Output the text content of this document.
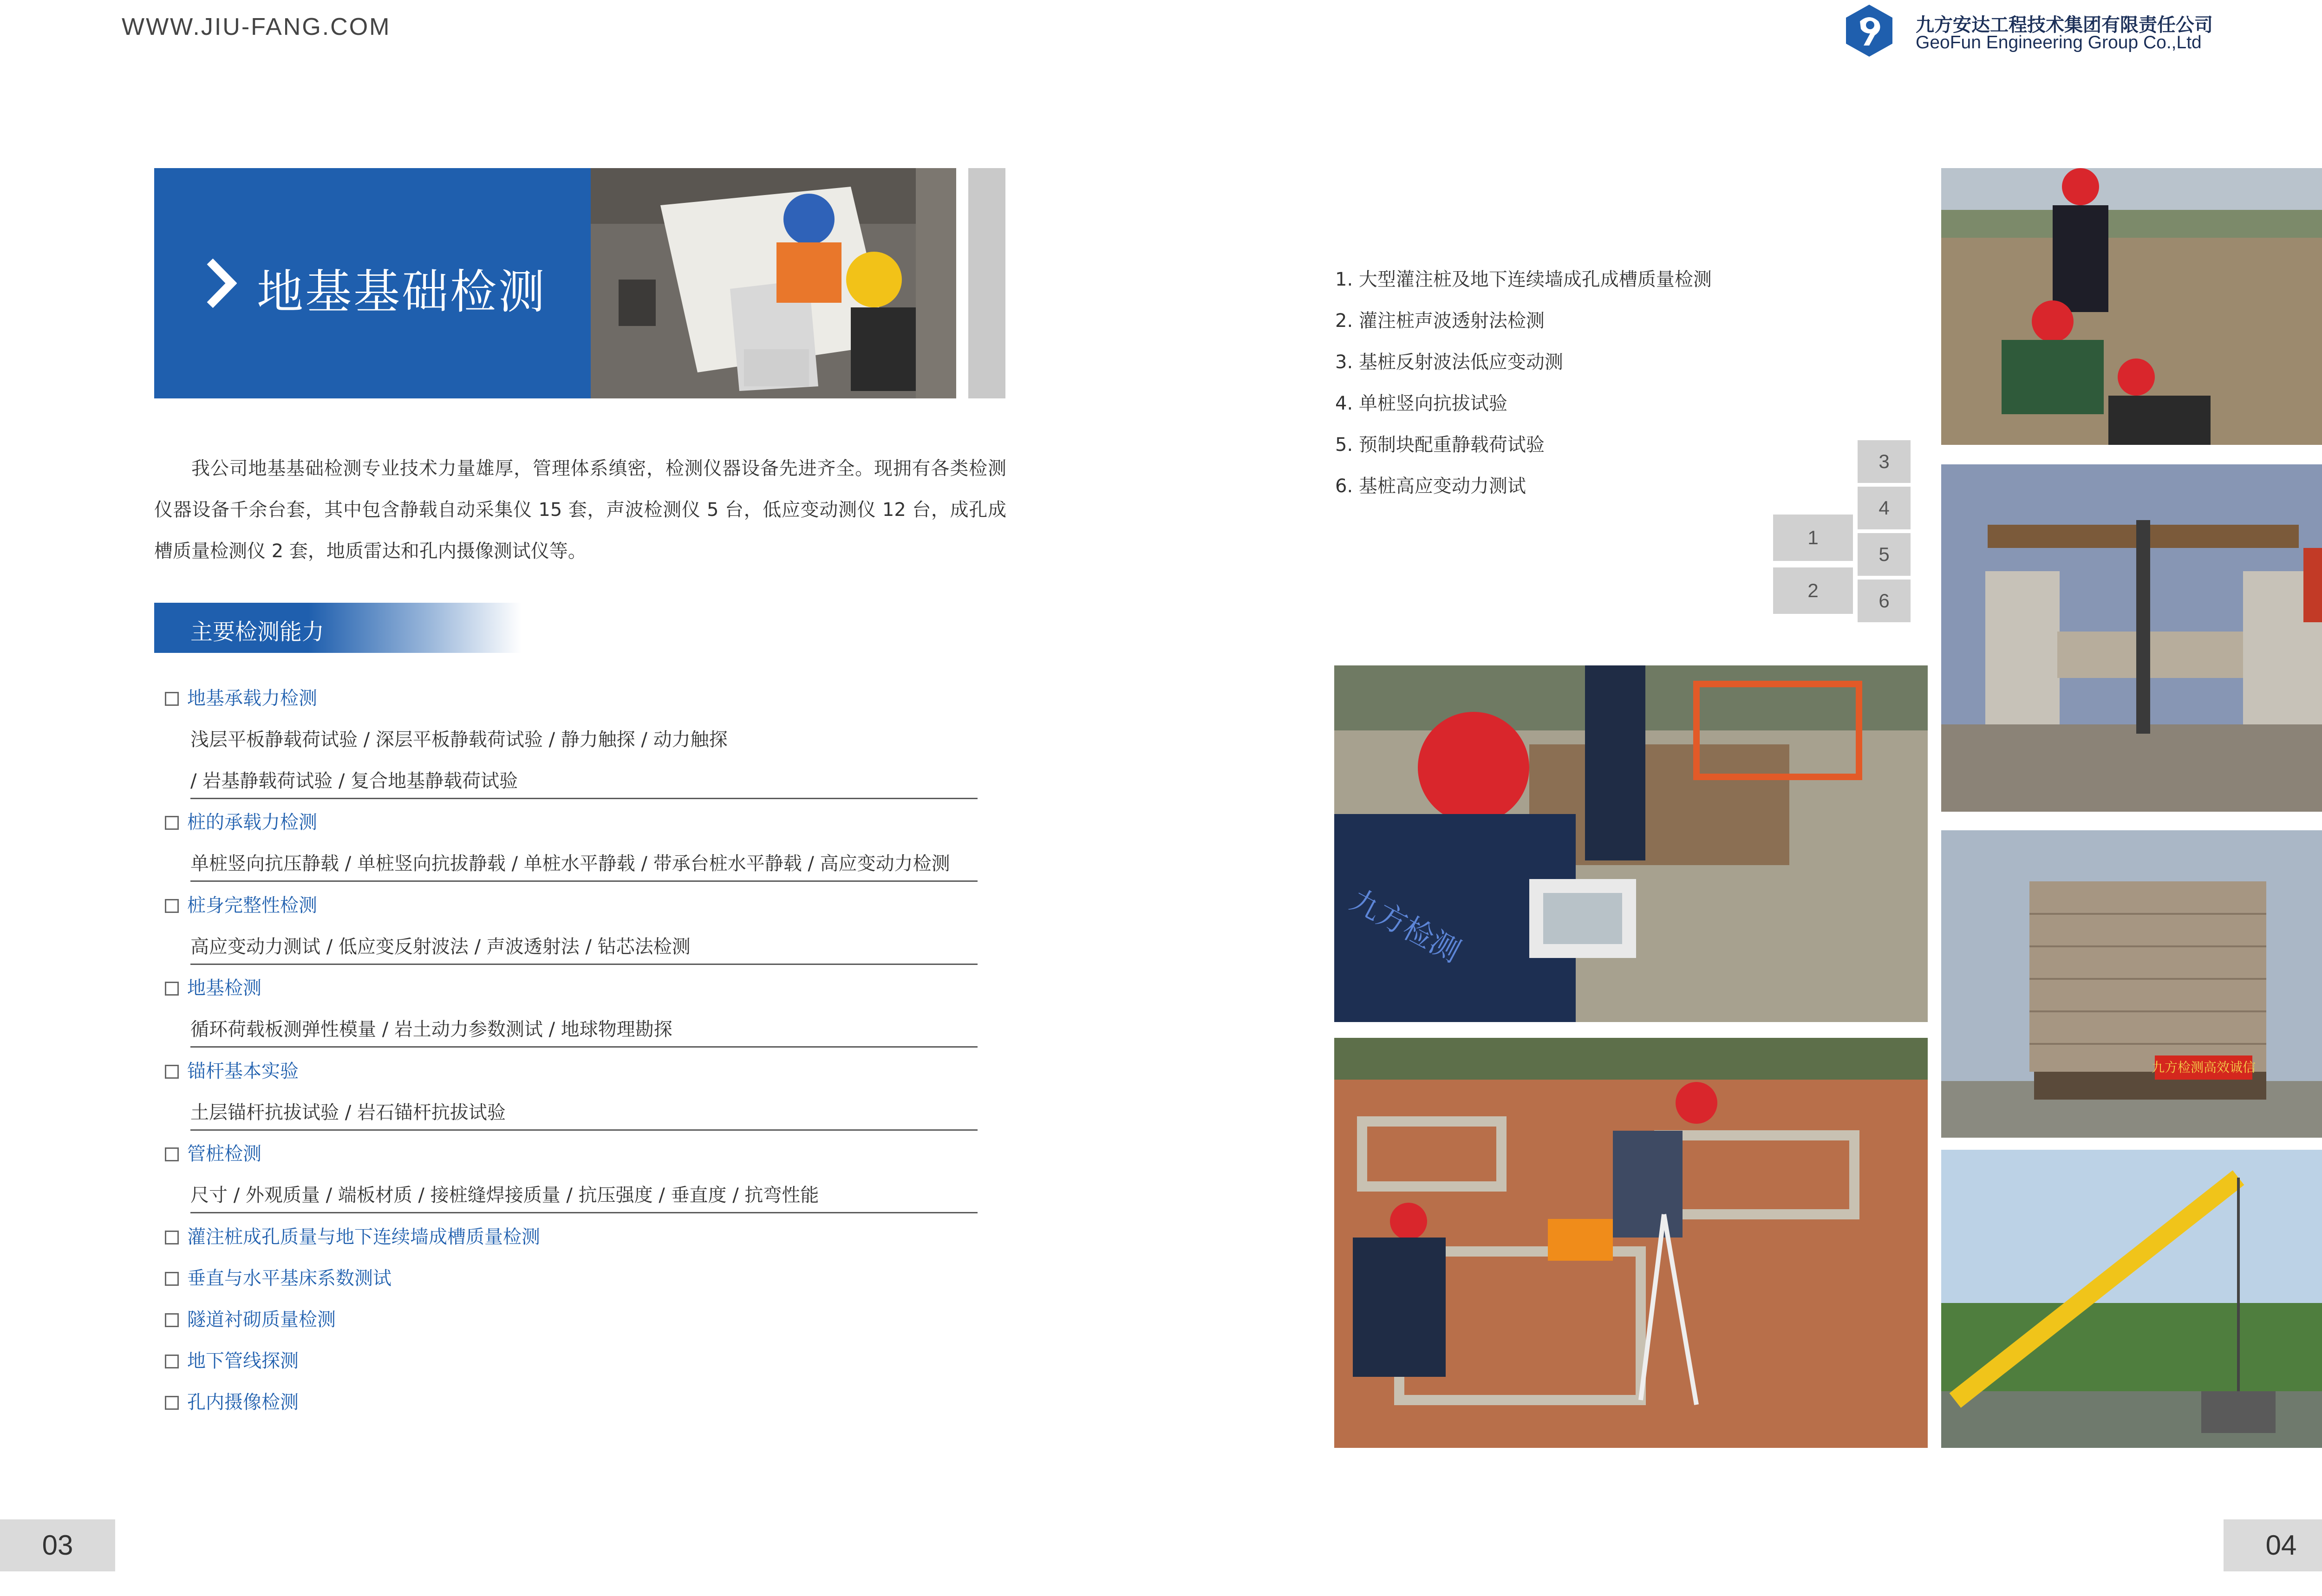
WWW.JIU-FANG.COM	九方安达工程技术集团有限责任公司
GeoFun Engineering Group Co.,Ltd
地基基础检测
我公司地基基础检测专业技术力量雄厚，管理体系缜密，检测仪器设备先进齐全。现拥有各类检测仪器设备千余台套，其中包含静载自动采集仪 15 套，声波检测仪 5 台，低应变动测仪 12 台，成孔成槽质量检测仪 2 套，地质雷达和孔内摄像测试仪等。
主要检测能力
地基承载力检测
浅层平板静载荷试验 / 深层平板静载荷试验 / 静力触探 / 动力触探
/ 岩基静载荷试验 / 复合地基静载荷试验
桩的承载力检测
单桩竖向抗压静载 / 单桩竖向抗拔静载 / 单桩水平静载 / 带承台桩水平静载 / 高应变动力检测
桩身完整性检测
高应变动力测试 / 低应变反射波法 / 声波透射法 / 钻芯法检测
地基检测
循环荷载板测弹性模量 / 岩土动力参数测试 / 地球物理勘探
锚杆基本实验
土层锚杆抗拔试验 / 岩石锚杆抗拔试验
管桩检测
尺寸 / 外观质量 / 端板材质 / 接桩缝焊接质量 / 抗压强度 / 垂直度 / 抗弯性能
灌注桩成孔质量与地下连续墙成槽质量检测
垂直与水平基床系数测试
隧道衬砌质量检测
地下管线探测
孔内摄像检测
1. 大型灌注桩及地下连续墙成孔成槽质量检测
2. 灌注桩声波透射法检测
3. 基桩反射波法低应变动测
4. 单桩竖向抗拔试验
5. 预制块配重静载荷试验
6. 基桩高应变动力测试
1
2
3
4
5
6
九方检测高效诚信
九方检测
03	04
